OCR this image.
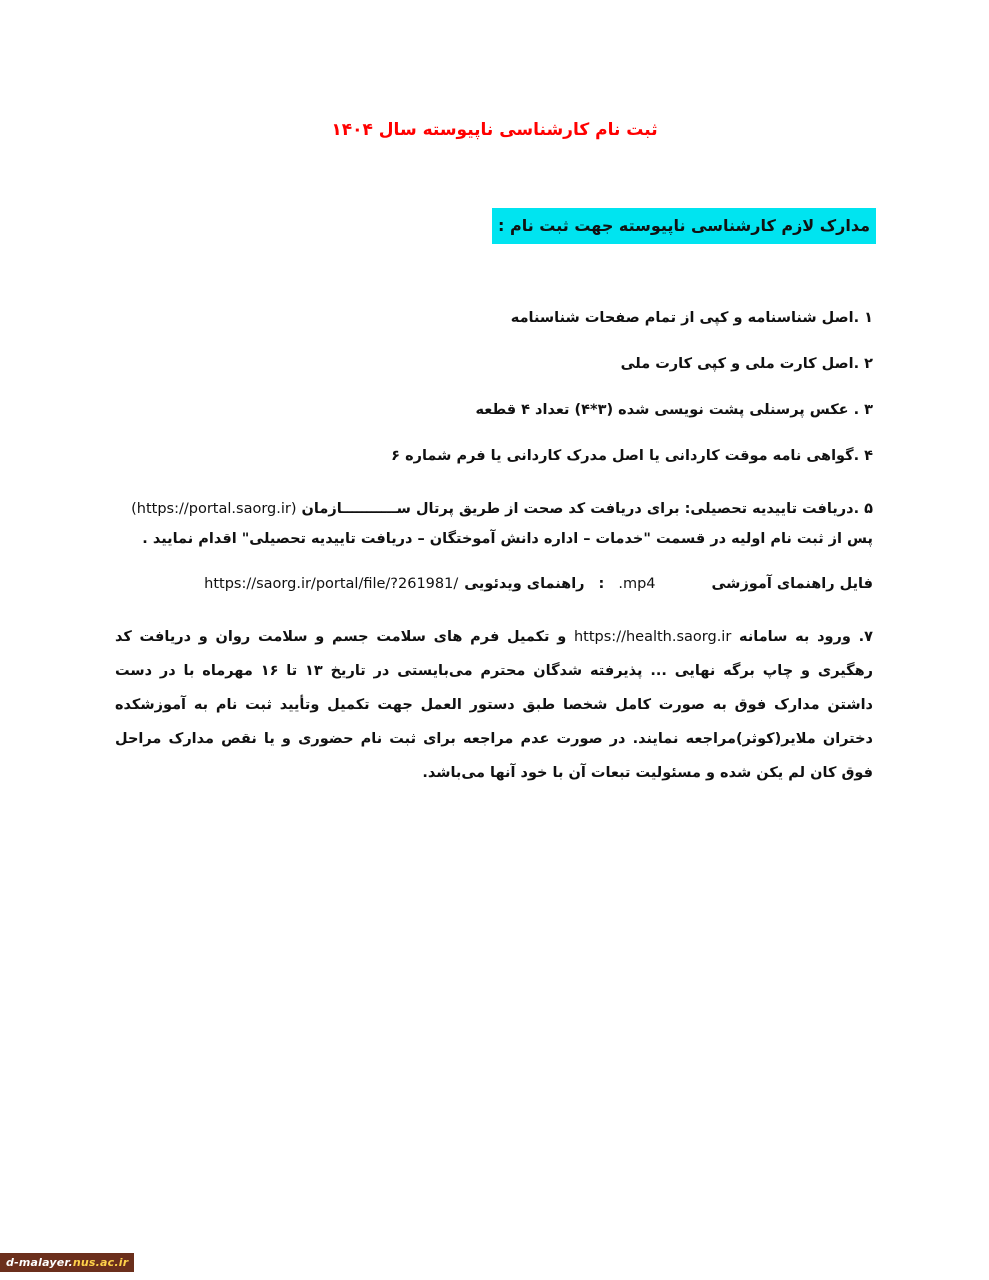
ثبت نام کارشناسی ناپیوسته سال ۱۴۰۴
مدارک لازم کارشناسی ناپیوسته جهت ثبت نام :
۱ .اصل شناسنامه و کپی از تمام صفحات شناسنامه
۲ .اصل کارت ملی و کپی کارت ملی
۳ . عکس پرسنلی پشت نویسی شده (۳*۴) تعداد ۴ قطعه
۴ .گواهی نامه موقت کاردانی یا اصل مدرک کاردانی یا فرم شماره ۶
۵ .دریافت تاییدیه تحصیلی: برای دریافت کد صحت از طریق پرتال ســـــــــــازمان (https://portal.saorg.ir) پس از ثبت نام اولیه در قسمت "خدمات – اداره دانش آموختگان – دریافت تاییدیه تحصیلی" اقدام نمایید .
فایل راهنمای آموزشیmp4.:راهنمای ویدئوییhttps://saorg.ir/portal/file/?261981/
۷. ورود به سامانه https://health.saorg.ir و تکمیل فرم های سلامت جسم و سلامت روان و دریافت کد رهگیری و چاپ برگه نهایی ... پذیرفته شدگان محترم می‌بایستی در تاریخ ۱۳ تا ۱۶ مهرماه با در دست داشتن مدارک فوق به صورت کامل شخصا طبق دستور العمل جهت تکمیل وتأیید ثبت نام به آموزشکده دختران ملایر(کوثر)مراجعه نمایند. در صورت عدم مراجعه برای ثبت نام حضوری و یا نقص مدارک مراحل فوق کان لم یکن شده و مسئولیت تبعات آن با خود آنها می‌باشد.
d-malayer.nus.ac.ir
